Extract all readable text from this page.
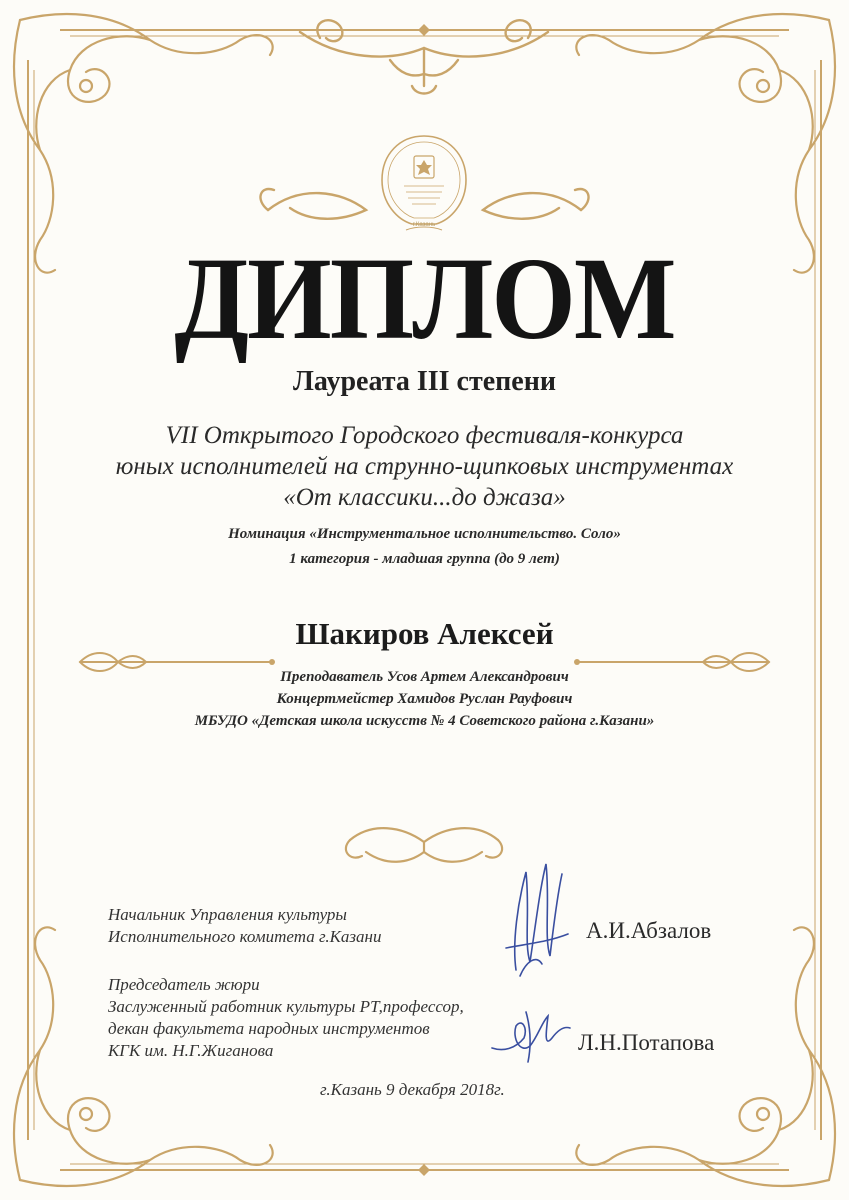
г.Казань
ДИПЛОМ
Лауреата III степени
VII Открытого Городского фестиваля-конкурса
юных исполнителей на струнно-щипковых инструментах
«От классики...до джаза»
Номинация «Инструментальное исполнительство. Соло»
1 категория - младшая группа (до 9 лет)
Шакиров Алексей
Преподаватель Усов Артем Александрович
Концертмейстер Хамидов Руслан Рауфович
МБУДО «Детская школа искусств № 4 Советского района г.Казани»
Начальник Управления культуры
Исполнительного комитета г.Казани	А.И.Абзалов
Председатель жюри
Заслуженный работник культуры РТ,профессор,
декан факультета народных инструментов
КГК им. Н.Г.Жиганова	Л.Н.Потапова
г.Казань 9 декабря 2018г.
